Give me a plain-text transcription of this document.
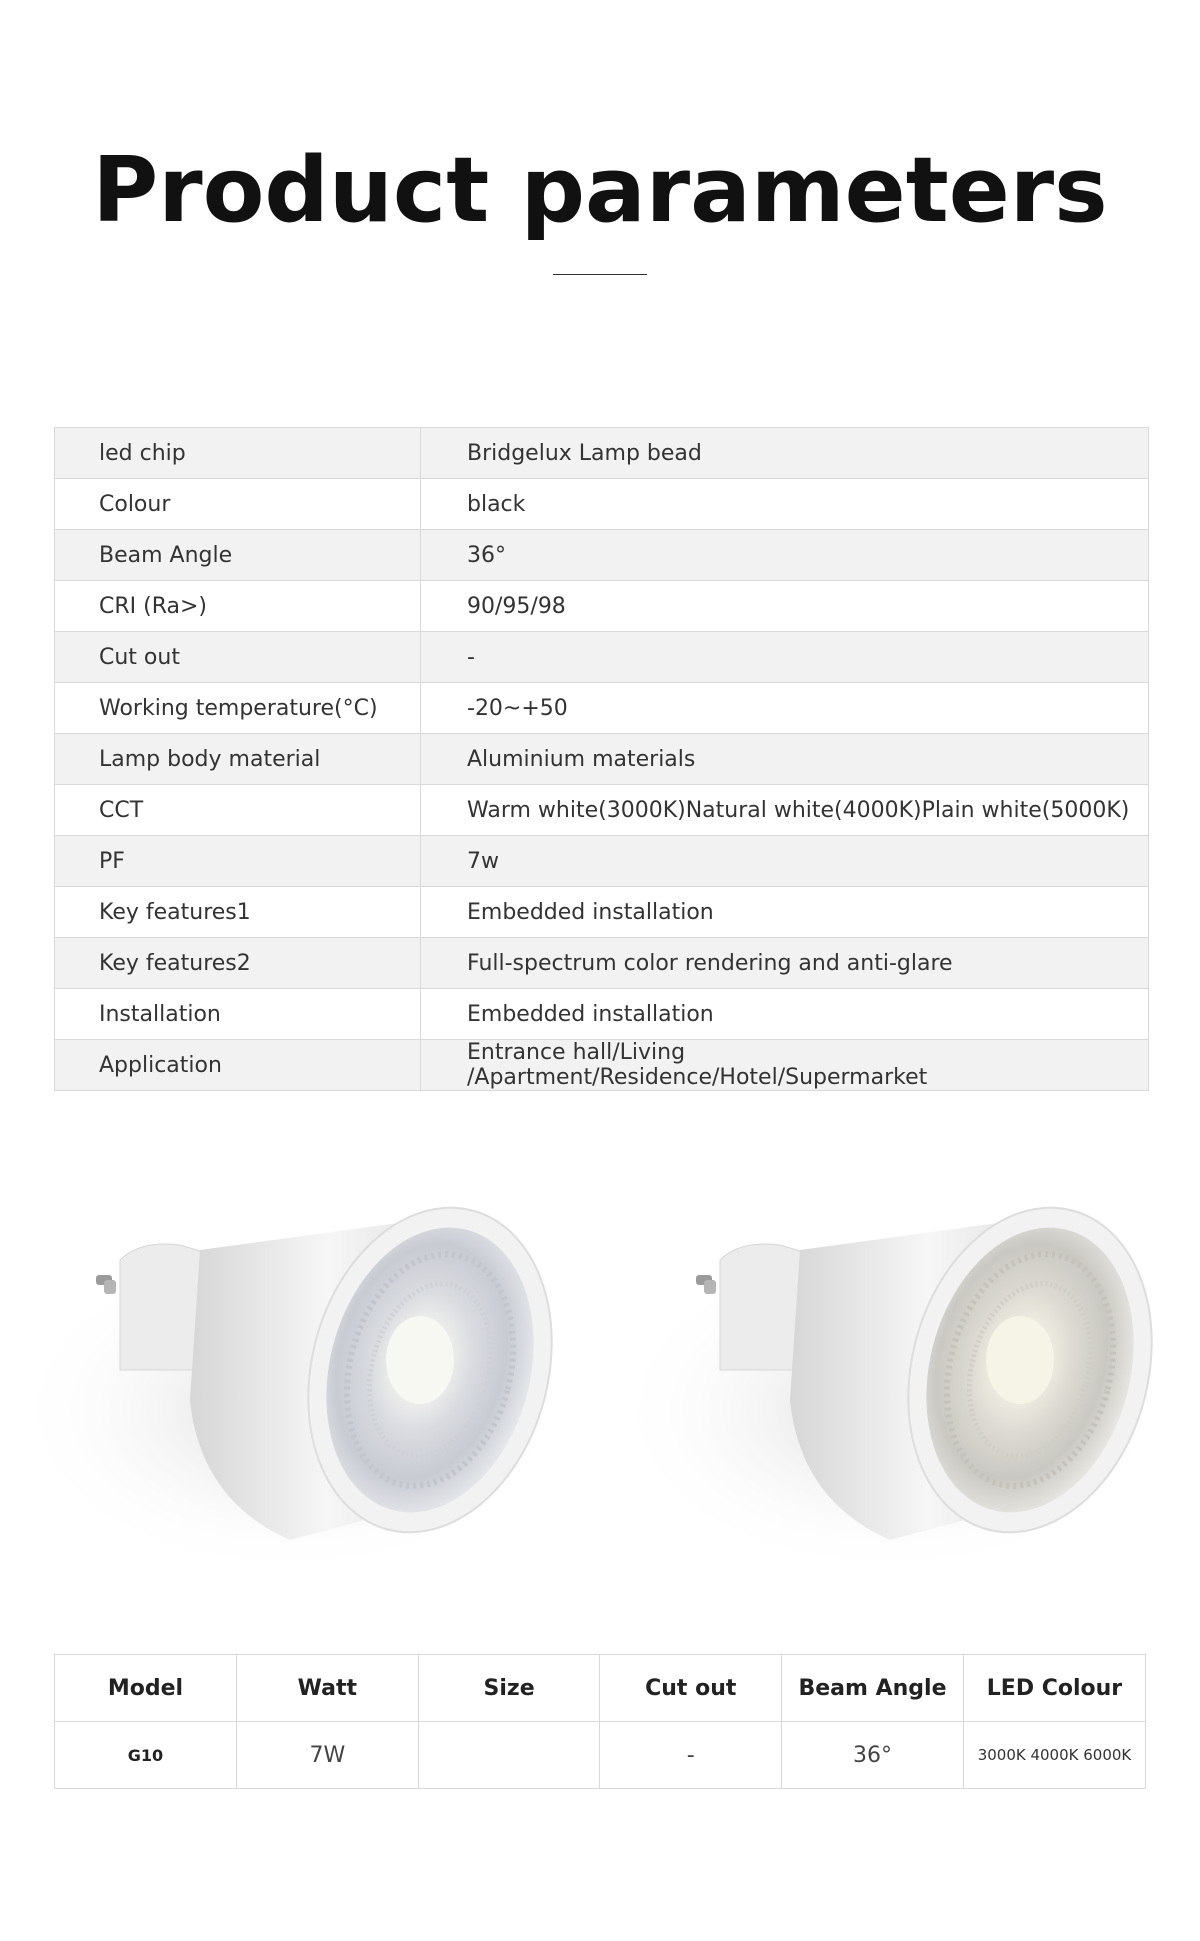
Product parameters
led chip	Bridgelux Lamp bead
Colour	black
Beam Angle	36°
CRI (Ra>)	90/95/98
Cut out	-
Working temperature(°C)	-20~+50
Lamp body material	Aluminium materials
CCT	Warm white(3000K)Natural white(4000K)Plain white(5000K)
PF	7w
Key features1	Embedded installation
Key features2	Full-spectrum color rendering and anti-glare
Installation	Embedded installation
Application	Entrance hall/Living /Apartment/Residence/Hotel/Supermarket
Model	Watt	Size	Cut out	Beam Angle	LED Colour
G10	7W		-	36°	3000K 4000K 6000K
